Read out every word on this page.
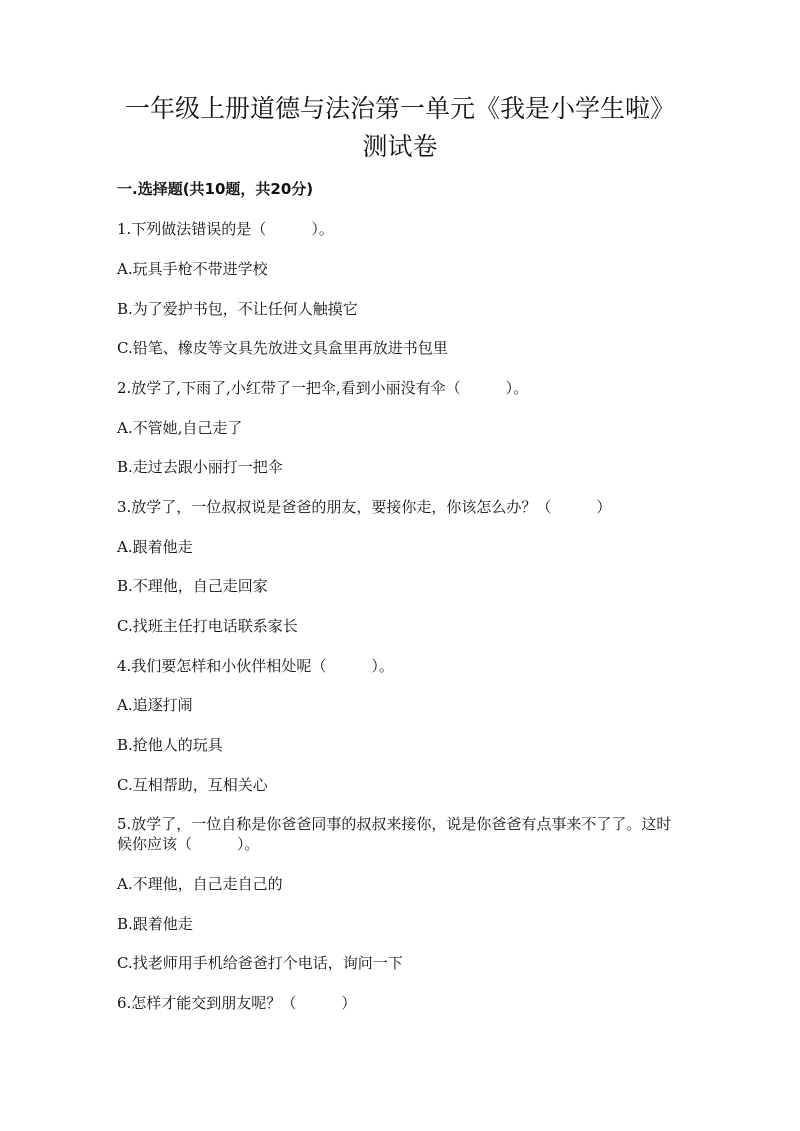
一年级上册道德与法治第一单元《我是小学生啦》
测试卷
一.选择题(共10题，共20分)

1.下列做法错误的是（　　　）。

A.玩具手枪不带进学校

B.为了爱护书包，不让任何人触摸它

C.铅笔、橡皮等文具先放进文具盒里再放进书包里

2.放学了,下雨了,小红带了一把伞,看到小丽没有伞（　　　）。

A.不管她,自己走了

B.走过去跟小丽打一把伞

3.放学了，一位叔叔说是爸爸的朋友，要接你走，你该怎么办？（　　　）

A.跟着他走

B.不理他，自己走回家

C.找班主任打电话联系家长

4.我们要怎样和小伙伴相处呢（　　　）。

A.追逐打闹

B.抢他人的玩具

C.互相帮助，互相关心

5.放学了，一位自称是你爸爸同事的叔叔来接你，说是你爸爸有点事来不了了。这时候你应该（　　　）。

A.不理他，自己走自己的

B.跟着他走

C.找老师用手机给爸爸打个电话，询问一下

6.怎样才能交到朋友呢？（　　　）
